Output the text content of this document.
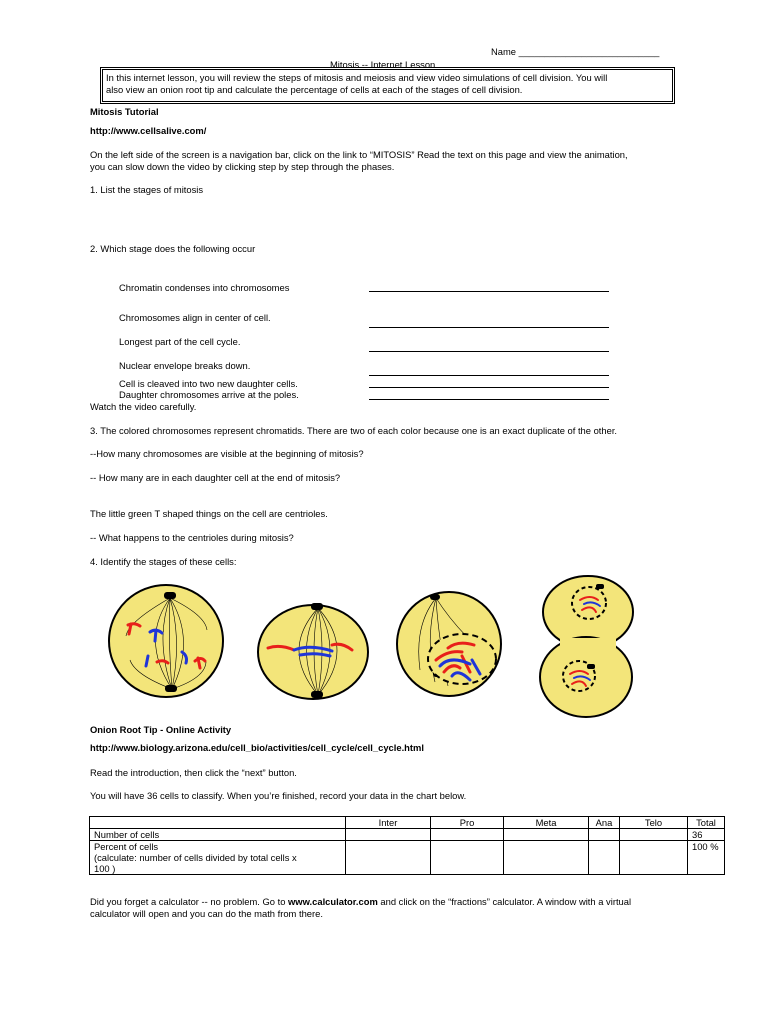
Name ___________________________
Mitosis -- Internet Lesson
In this internet lesson, you will review the steps of mitosis and meiosis and view video simulations of cell division. You will
also view an onion root tip and calculate the percentage of cells at each of the stages of cell division.
Mitosis Tutorial
http://www.cellsalive.com/
On the left side of the screen is a navigation bar, click on the link to “MITOSIS” Read the text on this page and view the animation,
you can slow down the video by clicking step by step through the phases.
1. List the stages of mitosis
2. Which stage does the following occur
Chromatin condenses into chromosomes
Chromosomes align in center of cell.
Longest part of the cell cycle.
Nuclear envelope breaks down.
Cell is cleaved into two new daughter cells.
Daughter chromosomes arrive at the poles.
Watch the video carefully.
3. The colored chromosomes represent chromatids. There are two of each color because one is an exact duplicate of the other.
--How many chromosomes are visible at the beginning of mitosis?
-- How many are in each daughter cell at the end of mitosis?
The little green T shaped things on the cell are centrioles.
-- What happens to the centrioles during mitosis?
4. Identify the stages of these cells:
Onion Root Tip - Online Activity
http://www.biology.arizona.edu/cell_bio/activities/cell_cycle/cell_cycle.html
Read the introduction, then click the “next” button.
You will have 36 cells to classify. When you’re finished, record your data in the chart below.
	Inter	Pro	Meta	Ana	Telo	Total
Number of cells						36

Percent of cells
(calculate: number of cells divided by total cells x
100 )						100 %
Did you forget a calculator -- no problem. Go to www.calculator.com and click on the “fractions” calculator. A window with a virtual
calculator will open and you can do the math from there.
